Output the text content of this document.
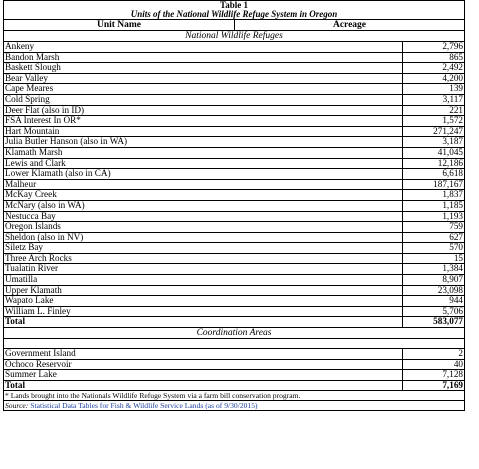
Table 1
Units of the National Wildlife Refuge System in Oregon
Unit Name	Acreage
National Wildlife Refuges
Ankeny	2,796
Bandon Marsh	865
Baskett Slough	2,492
Bear Valley	4,200
Cape Meares	139
Cold Spring	3,117
Deer Flat (also in ID)	221
FSA Interest In OR*	1,572
Hart Mountain	271,247
Julia Butler Hanson (also in WA)	3,187
Klamath Marsh	41,045
Lewis and Clark	12,186
Lower Klamath (also in CA)	6,618
Malheur	187,167
McKay Creek	1,837
McNary (also in WA)	1,185
Nestucca Bay	1,193
Oregon Islands	759
Sheldon (also in NV)	627
Siletz Bay	570
Three Arch Rocks	15
Tualatin River	1,384
Umatilla	8,907
Upper Klamath	23,098
Wapato Lake	944
William L. Finley	5,706
Total	583,077
Coordination Areas
Government Island	2
Ochoco Reservoir	40
Summer Lake	7,128
Total	7,169
* Lands brought into the Nationals Wildlife Refuge System via a farm bill conservation program.
Source: Statistical Data Tables for Fish & Wildlife Service Lands (as of 9/30/2015)
